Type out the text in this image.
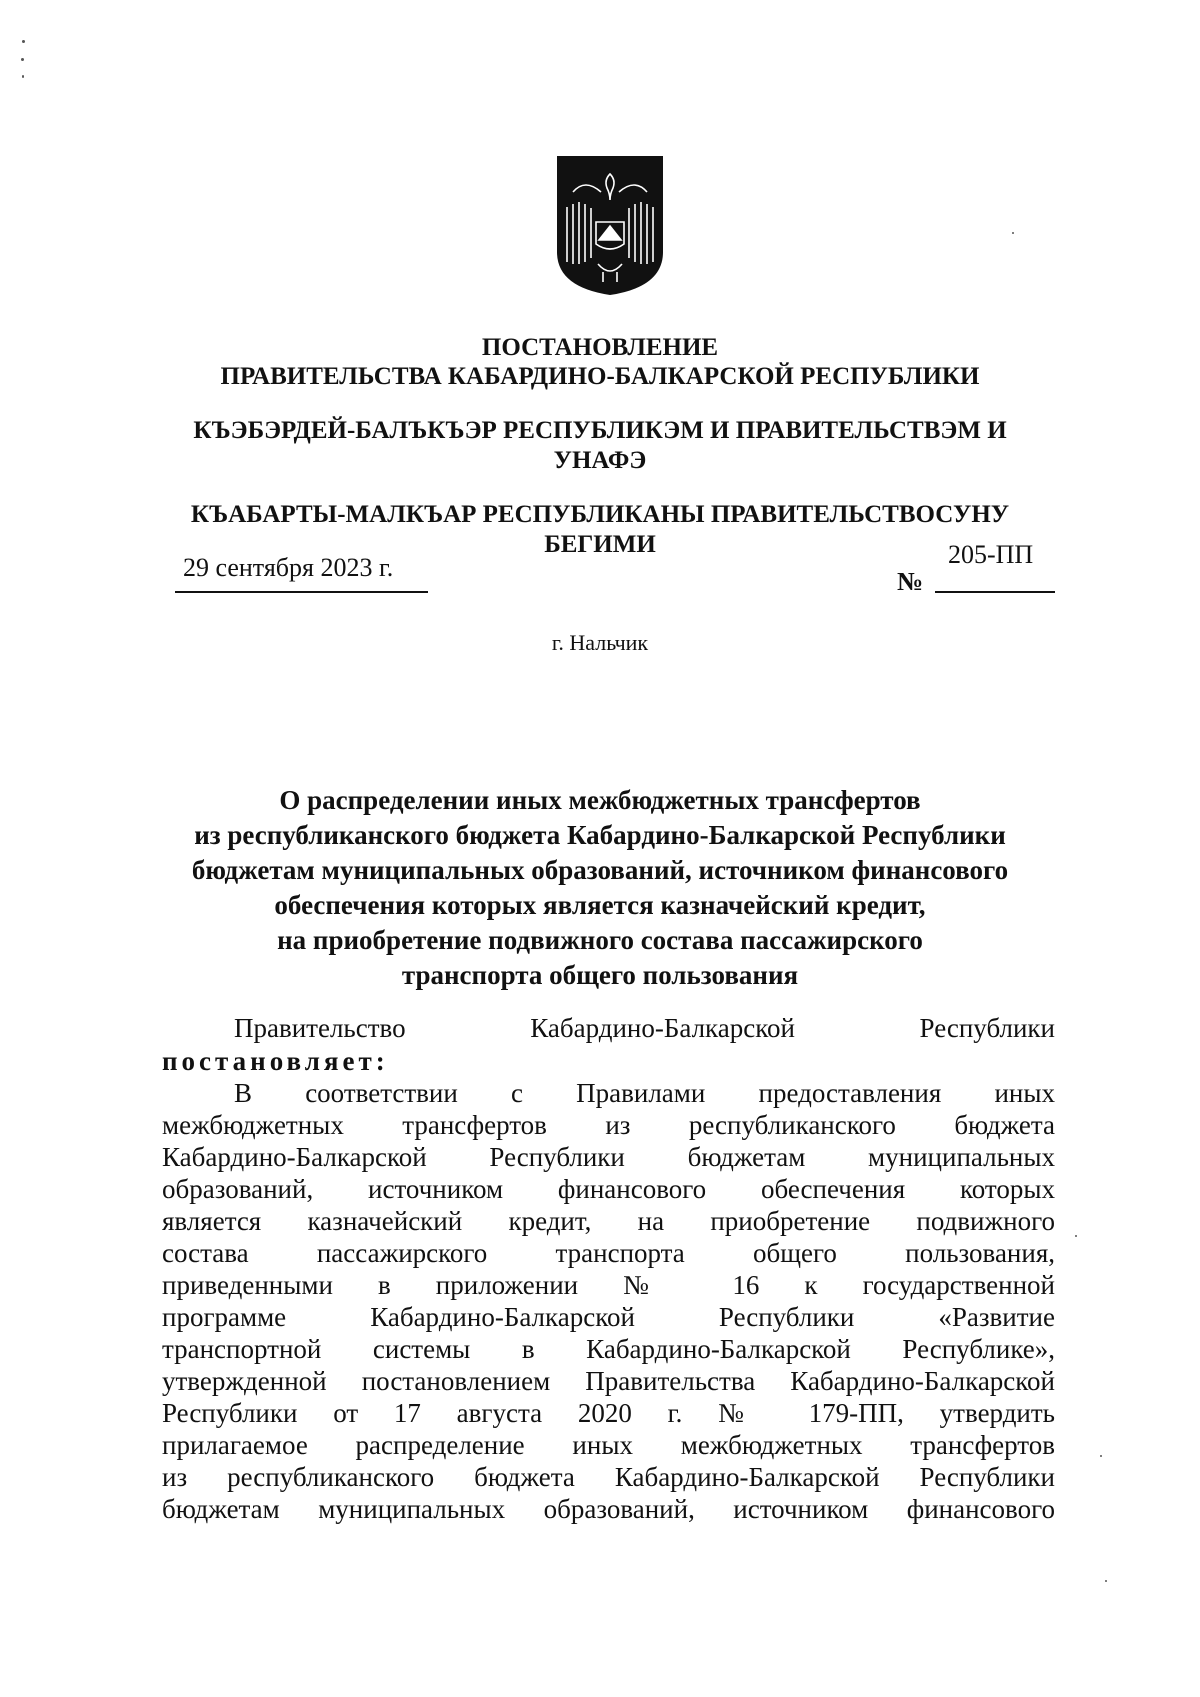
ПОСТАНОВЛЕНИЕ
ПРАВИТЕЛЬСТВА КАБАРДИНО-БАЛКАРСКОЙ РЕСПУБЛИКИ
КЪЭБЭРДЕЙ-БАЛЪКЪЭР РЕСПУБЛИКЭМ И ПРАВИТЕЛЬСТВЭМ И
УНАФЭ
КЪАБАРТЫ-МАЛКЪАР РЕСПУБЛИКАНЫ ПРАВИТЕЛЬСТВОСУНУ
БЕГИМИ
29 сентября 2023 г.	№
205-ПП
г. Нальчик
О распределении иных межбюджетных трансфертов
из республиканского бюджета Кабардино-Балкарской Республики
бюджетам муниципальных образований, источником финансового
обеспечения которых является казначейский кредит,
на приобретение подвижного состава пассажирского
транспорта общего пользования
Правительство Кабардино-Балкарской Республики
постановляет:
В соответствии с Правилами предоставления иных
межбюджетных трансфертов из республиканского бюджета
Кабардино-Балкарской Республики бюджетам муниципальных
образований, источником финансового обеспечения которых
является казначейский кредит, на приобретение подвижного
состава пассажирского транспорта общего пользования,
приведенными в приложении № 16 к государственной
программе Кабардино-Балкарской Республики «Развитие
транспортной системы в Кабардино-Балкарской Республике»,
утвержденной постановлением Правительства Кабардино-Балкарской
Республики от 17 августа 2020 г. № 179-ПП, утвердить
прилагаемое распределение иных межбюджетных трансфертов
из республиканского бюджета Кабардино-Балкарской Республики
бюджетам муниципальных образований, источником финансового
